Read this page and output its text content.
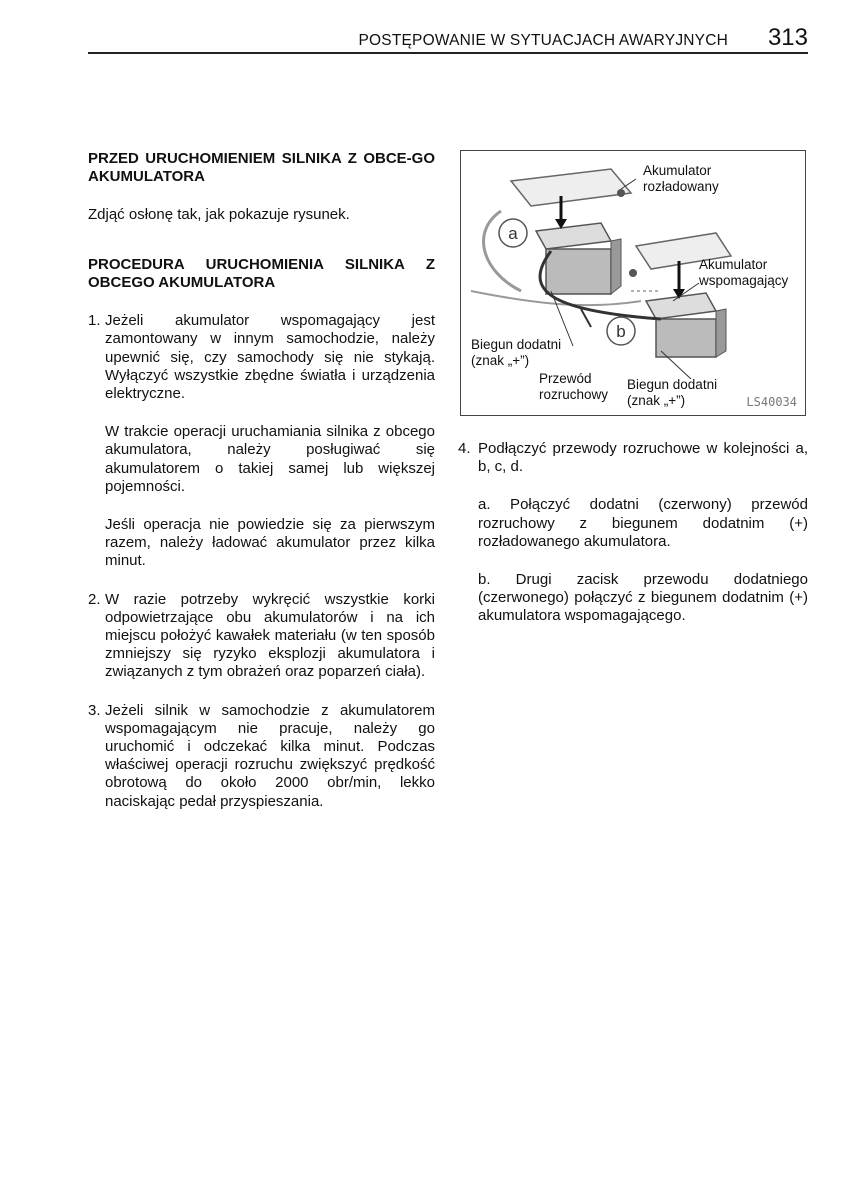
POSTĘPOWANIE W SYTUACJACH AWARYJNYCH 313

PRZED URUCHOMIENIEM SILNIKA Z OBCE-GO AKUMULATORA

Zdjąć osłonę tak, jak pokazuje rysunek.

PROCEDURA URUCHOMIENIA SILNIKA Z OBCEGO AKUMULATORA

1. Jeżeli akumulator wspomagający jest zamontowany w innym samochodzie, należy upewnić się, czy samochody się nie stykają. Wyłączyć wszystkie zbędne światła i urządzenia elektryczne.

W trakcie operacji uruchamiania silnika z obcego akumulatora, należy posługiwać się akumulatorem o takiej samej lub większej pojemności.

Jeśli operacja nie powiedzie się za pierwszym razem, należy ładować akumulator przez kilka minut.

2. W razie potrzeby wykręcić wszystkie korki odpowietrzające obu akumulatorów i na ich miejscu położyć kawałek materiału (w ten sposób zmniejszy się ryzyko eksplozji akumulatora i związanych z tym obrażeń oraz poparzeń ciała).

3. Jeżeli silnik w samochodzie z akumulatorem wspomagającym nie pracuje, należy go uruchomić i odczekać kilka minut. Podczas właściwej operacji rozruchu zwiększyć prędkość obrotową do około 2000 obr/min, lekko naciskając pedał przyspieszania.

a
b
Akumulator
rozładowany
Akumulator
wspomagający
Biegun dodatni
(znak „+”)
Przewód
rozruchowy
Biegun dodatni
(znak „+”)	LS40034
4. Podłączyć przewody rozruchowe w kolejności a, b, c, d.

a. Połączyć dodatni (czerwony) przewód rozruchowy z biegunem dodatnim (+) rozładowanego akumulatora.

b. Drugi zacisk przewodu dodatniego (czerwonego) połączyć z biegunem dodatnim (+) akumulatora wspomagającego.
